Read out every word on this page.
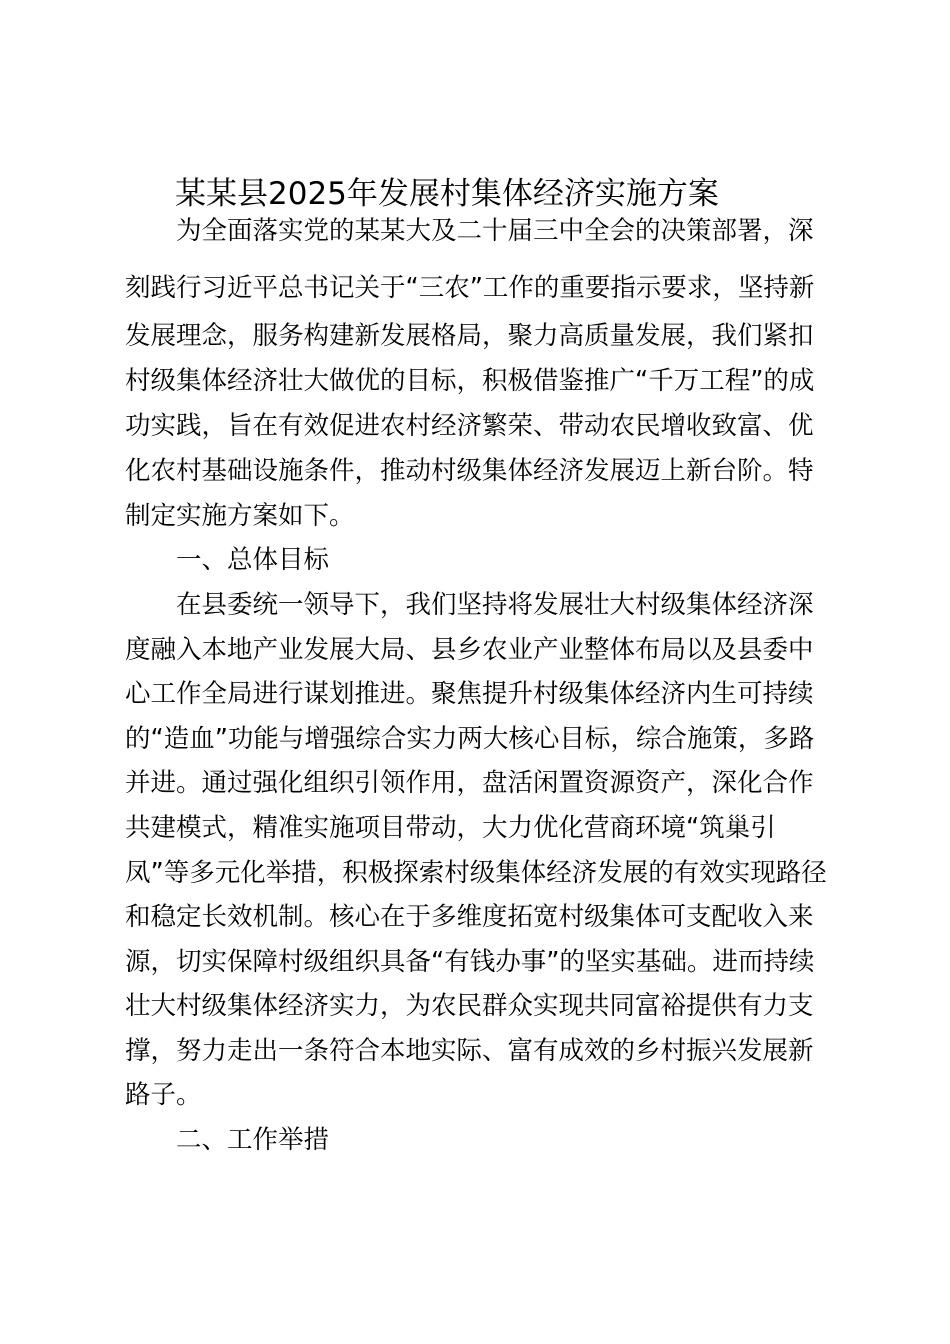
某某县2025年发展村集体经济实施方案

为全面落实党的某某大及二十届三中全会的决策部署，深

刻践行习近平总书记关于“三农”工作的重要指示要求，坚持新

发展理念，服务构建新发展格局，聚力高质量发展，我们紧扣

村级集体经济壮大做优的目标，积极借鉴推广“千万工程”的成

功实践，旨在有效促进农村经济繁荣、带动农民增收致富、优

化农村基础设施条件，推动村级集体经济发展迈上新台阶。特

制定实施方案如下。

一、总体目标

在县委统一领导下，我们坚持将发展壮大村级集体经济深

度融入本地产业发展大局、县乡农业产业整体布局以及县委中

心工作全局进行谋划推进。聚焦提升村级集体经济内生可持续

的“造血”功能与增强综合实力两大核心目标，综合施策，多路

并进。通过强化组织引领作用，盘活闲置资源资产，深化合作

共建模式，精准实施项目带动，大力优化营商环境“筑巢引

凤”等多元化举措，积极探索村级集体经济发展的有效实现路径

和稳定长效机制。核心在于多维度拓宽村级集体可支配收入来

源，切实保障村级组织具备“有钱办事”的坚实基础。进而持续

壮大村级集体经济实力，为农民群众实现共同富裕提供有力支

撑，努力走出一条符合本地实际、富有成效的乡村振兴发展新

路子。

二、工作举措
